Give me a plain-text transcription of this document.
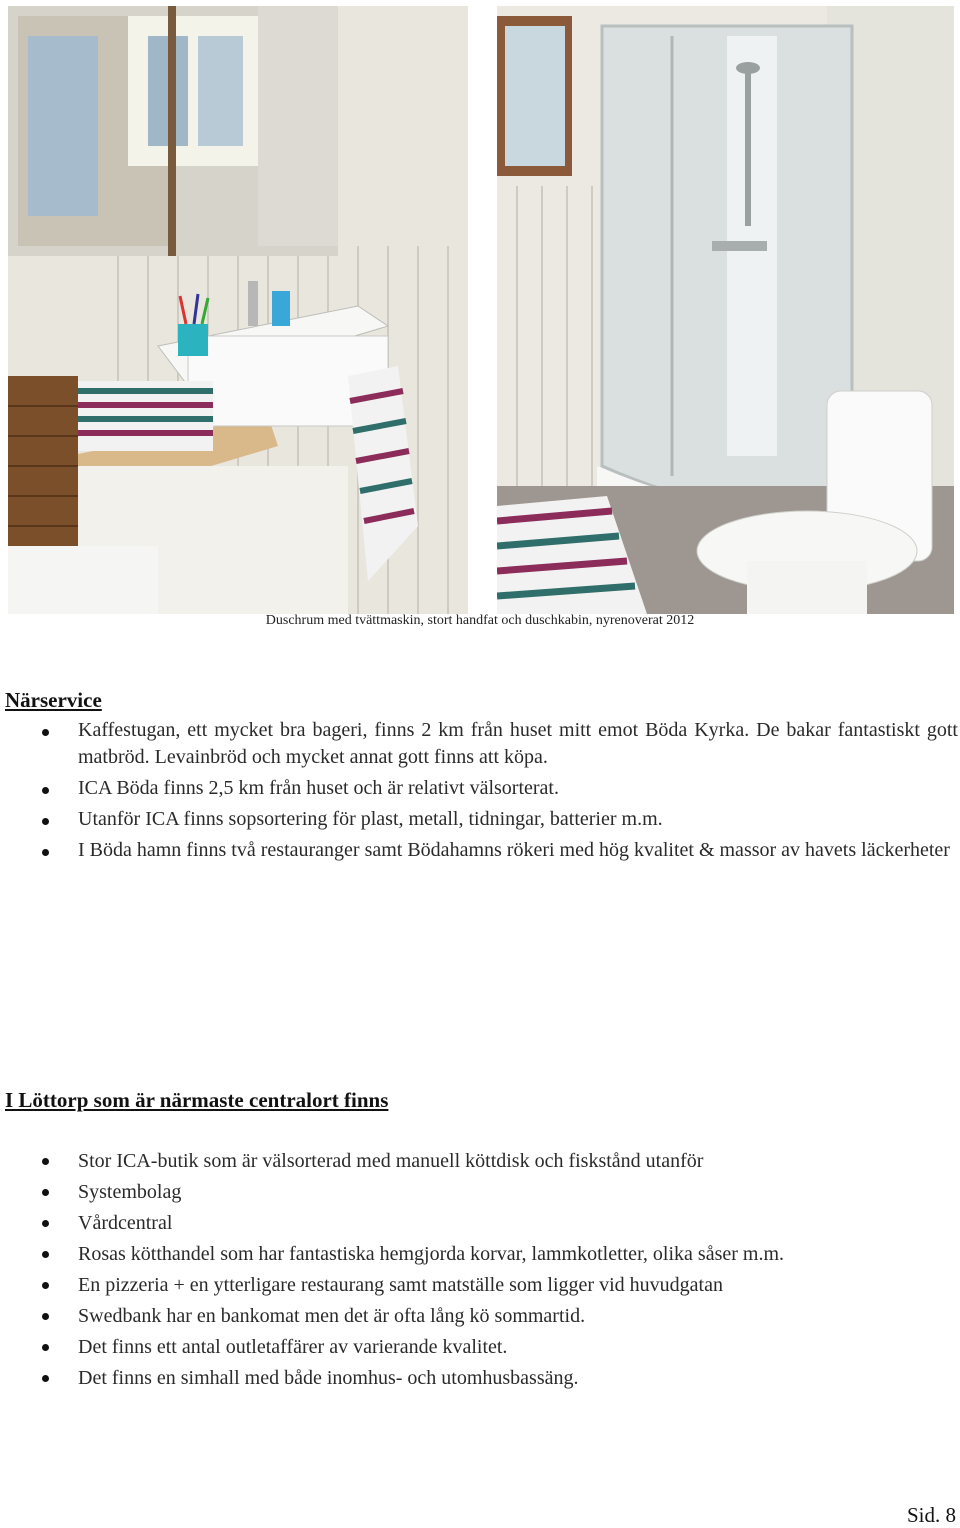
Duschrum med tvättmaskin, stort handfat och duschkabin, nyrenoverat 2012
Närservice
Kaffestugan, ett mycket bra bageri, finns 2 km från huset mitt emot Böda Kyrka. De bakar fantastiskt gott matbröd. Levainbröd och mycket annat gott finns att köpa.
ICA Böda finns 2,5 km från huset och är relativt välsorterat.
Utanför ICA finns sopsortering för plast, metall, tidningar, batterier m.m.
I Böda hamn finns två restauranger samt Bödahamns rökeri med hög kvalitet & massor av havets läckerheter
I Löttorp som är närmaste centralort finns
Stor ICA-butik som är välsorterad med manuell köttdisk och fiskstånd utanför
Systembolag
Vårdcentral
Rosas kötthandel som har fantastiska hemgjorda korvar, lammkotletter, olika såser m.m.
En pizzeria + en ytterligare restaurang samt matställe som ligger vid huvudgatan
Swedbank har en bankomat men det är ofta lång kö sommartid.
Det finns ett antal outletaffärer av varierande kvalitet.
Det finns en simhall med både inomhus- och utomhusbassäng.
Sid. 8
